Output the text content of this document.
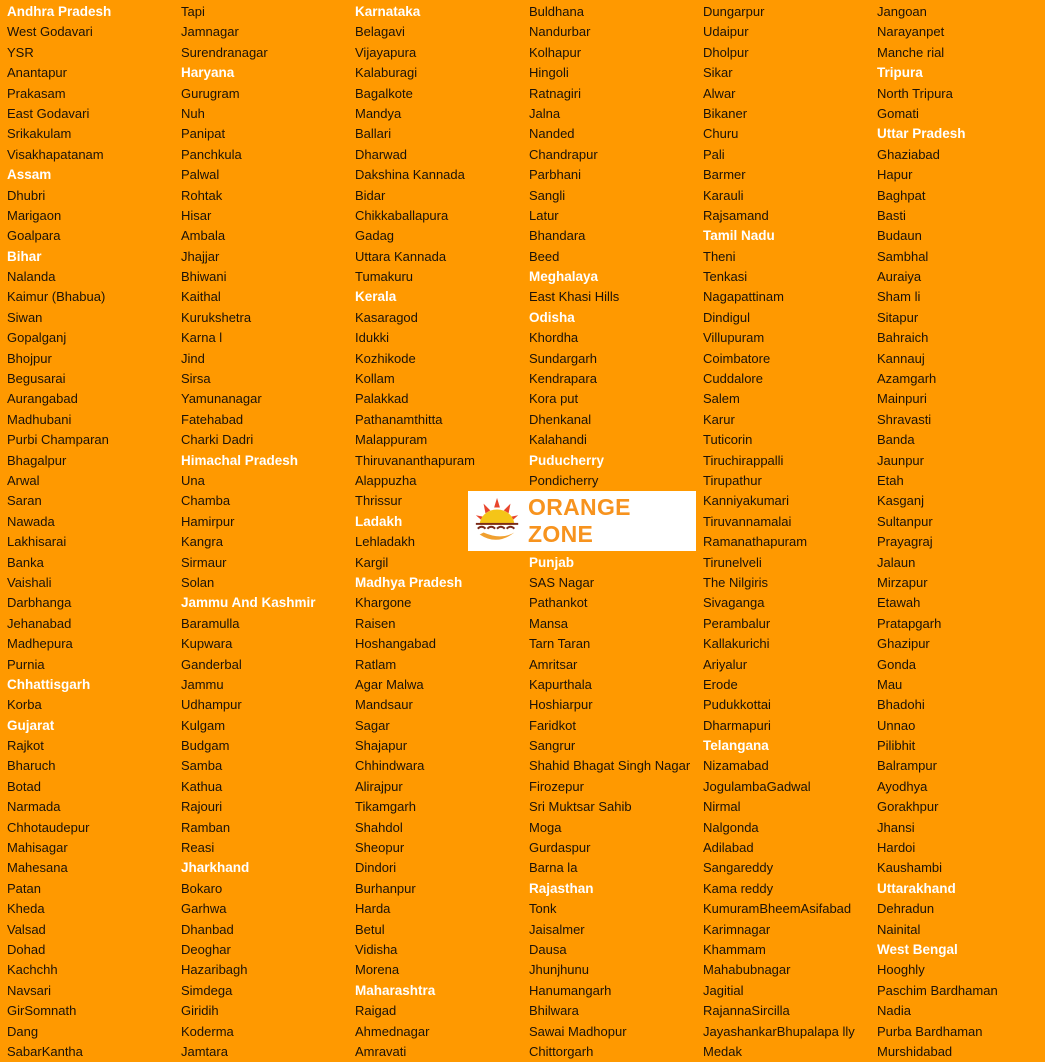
Andhra Pradesh
West Godavari
YSR
Anantapur
Prakasam
East Godavari
Srikakulam
Visakhapatanam
Assam
Dhubri
Marigaon
Goalpara
Bihar
Nalanda
Kaimur (Bhabua)
Siwan
Gopalganj
Bhojpur
Begusarai
Aurangabad
Madhubani
Purbi Champaran
Bhagalpur
Arwal
Saran
Nawada
Lakhisarai
Banka
Vaishali
Darbhanga
Jehanabad
Madhepura
Purnia
Chhattisgarh
Korba
Gujarat
Rajkot
Bharuch
Botad
Narmada
Chhotaudepur
Mahisagar
Mahesana
Patan
Kheda
Valsad
Dohad
Kachchh
Navsari
GirSomnath
Dang
SabarKantha
Tapi
Jamnagar
Surendranagar
Haryana
Gurugram
Nuh
Panipat
Panchkula
Palwal
Rohtak
Hisar
Ambala
Jhajjar
Bhiwani
Kaithal
Kurukshetra
Karna l
Jind
Sirsa
Yamunanagar
Fatehabad
Charki Dadri
Himachal Pradesh
Una
Chamba
Hamirpur
Kangra
Sirmaur
Solan
Jammu And Kashmir
Baramulla
Kupwara
Ganderbal
Jammu
Udhampur
Kulgam
Budgam
Samba
Kathua
Rajouri
Ramban
Reasi
Jharkhand
Bokaro
Garhwa
Dhanbad
Deoghar
Hazaribagh
Simdega
Giridih
Koderma
Jamtara
Karnataka
Belagavi
Vijayapura
Kalaburagi
Bagalkote
Mandya
Ballari
Dharwad
Dakshina Kannada
Bidar
Chikkaballapura
Gadag
Uttara Kannada
Tumakuru
Kerala
Kasaragod
Idukki
Kozhikode
Kollam
Palakkad
Pathanamthitta
Malappuram
Thiruvananthapuram
Alappuzha
Thrissur
Ladakh
Lehladakh
Kargil
Madhya Pradesh
Khargone
Raisen
Hoshangabad
Ratlam
Agar Malwa
Mandsaur
Sagar
Shajapur
Chhindwara
Alirajpur
Tikamgarh
Shahdol
Sheopur
Dindori
Burhanpur
Harda
Betul
Vidisha
Morena
Maharashtra
Raigad
Ahmednagar
Amravati
Buldhana
Nandurbar
Kolhapur
Hingoli
Ratnagiri
Jalna
Nanded
Chandrapur
Parbhani
Sangli
Latur
Bhandara
Beed
Meghalaya
East Khasi Hills
Odisha
Khordha
Sundargarh
Kendrapara
Kora put
Dhenkanal
Kalahandi
Puducherry
Pondicherry
Punjab
SAS Nagar
Pathankot
Mansa
Tarn Taran
Amritsar
Kapurthala
Hoshiarpur
Faridkot
Sangrur
Shahid Bhagat Singh Nagar
Firozepur
Sri Muktsar Sahib
Moga
Gurdaspur
Barna la
Rajasthan
Tonk
Jaisalmer
Dausa
Jhunjhunu
Hanumangarh
Bhilwara
Sawai Madhopur
Chittorgarh
Dungarpur
Udaipur
Dholpur
Sikar
Alwar
Bikaner
Churu
Pali
Barmer
Karauli
Rajsamand
Tamil Nadu
Theni
Tenkasi
Nagapattinam
Dindigul
Villupuram
Coimbatore
Cuddalore
Salem
Karur
Tuticorin
Tiruchirappalli
Tirupathur
Kanniyakumari
Tiruvannamalai
Ramanathapuram
Tirunelveli
The Nilgiris
Sivaganga
Perambalur
Kallakurichi
Ariyalur
Erode
Pudukkottai
Dharmapuri
Telangana
Nizamabad
JogulambaGadwal
Nirmal
Nalgonda
Adilabad
Sangareddy
Kama reddy
KumuramBheemAsifabad
Karimnagar
Khammam
Mahabubnagar
Jagitial
RajannaSircilla
JayashankarBhupalapa lly
Medak
Jangoan
Narayanpet
Manche rial
Tripura
North Tripura
Gomati
Uttar Pradesh
Ghaziabad
Hapur
Baghpat
Basti
Budaun
Sambhal
Auraiya
Sham li
Sitapur
Bahraich
Kannauj
Azamgarh
Mainpuri
Shravasti
Banda
Jaunpur
Etah
Kasganj
Sultanpur
Prayagraj
Jalaun
Mirzapur
Etawah
Pratapgarh
Ghazipur
Gonda
Mau
Bhadohi
Unnao
Pilibhit
Balrampur
Ayodhya
Gorakhpur
Jhansi
Hardoi
Kaushambi
Uttarakhand
Dehradun
Nainital
West Bengal
Hooghly
Paschim Bardhaman
Nadia
Purba Bardhaman
Murshidabad
ORANGE ZONE
